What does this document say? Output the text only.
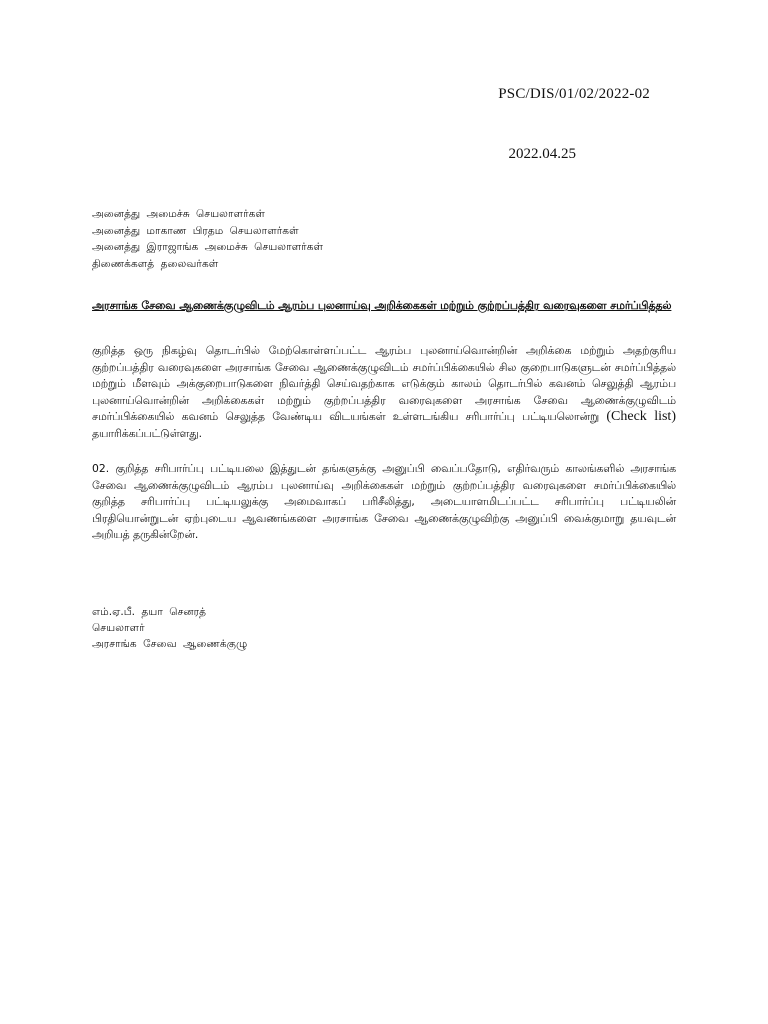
PSC/DIS/01/02/2022-02
2022.04.25
அனைத்து அமைச்சு செயலாளர்கள்
அனைத்து மாகாண பிரதம செயலாளர்கள்
அனைத்து இராஜாங்க அமைச்சு செயலாளர்கள்
திணைக்களத் தலைவர்கள்
அரசாங்க சேவை ஆணைக்குழுவிடம் ஆரம்ப புலனாய்வு அறிக்கைகள் மற்றும் குற்றப்பத்திர வரைவுகளை சமர்ப்பித்தல்
குறித்த ஒரு நிகழ்வு தொடர்பில் மேற்கொள்ளப்பட்ட ஆரம்ப புலனாய்வொன்றின் அறிக்கை மற்றும் அதற்குரிய குற்றப்பத்திர வரைவுகளை அரசாங்க சேவை ஆணைக்குழுவிடம் சமர்ப்பிக்கையில் சில குறைபாடுகளுடன் சமர்ப்பித்தல் மற்றும் மீளவும் அக்குறைபாடுகளை நிவர்த்தி செய்வதற்காக எடுக்கும் காலம் தொடர்பில் கவனம் செலுத்தி ஆரம்ப புலனாய்வொன்றின் அறிக்கைகள் மற்றும் குற்றப்பத்திர வரைவுகளை அரசாங்க சேவை ஆணைக்குழுவிடம் சமர்ப்பிக்கையில் கவனம் செலுத்த வேண்டிய விடயங்கள் உள்ளடங்கிய சரிபார்ப்பு பட்டியலொன்று (Check list) தயாரிக்கப்பட்டுள்ளது.
02. குறித்த சரிபார்ப்பு பட்டியலை இத்துடன் தங்களுக்கு அனுப்பி வைப்பதோடு, எதிர்வரும் காலங்களில் அரசாங்க சேவை ஆணைக்குழுவிடம் ஆரம்ப புலனாய்வு அறிக்கைகள் மற்றும் குற்றப்பத்திர வரைவுகளை சமர்ப்பிக்கையில் குறித்த சரிபார்ப்பு பட்டியலுக்கு அமைவாகப் பரிசீலித்து, அடையாளமிடப்பட்ட சரிபார்ப்பு பட்டியலின் பிரதியொன்றுடன் ஏற்புடைய ஆவணங்களை அரசாங்க சேவை ஆணைக்குழுவிற்கு அனுப்பி வைக்குமாறு தயவுடன் அறியத் தருகின்றேன்.
எம்.ஏ.பீ. தயா செனரத்
செயலாளர்
அரசாங்க சேவை ஆணைக்குழு
